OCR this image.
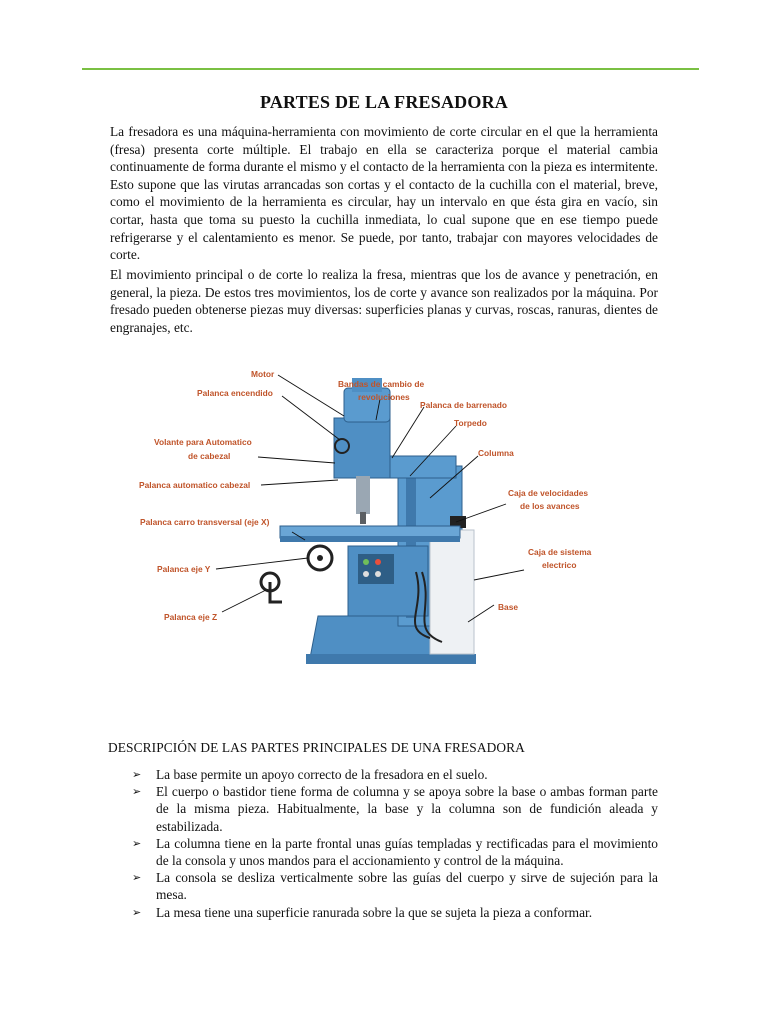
PARTES DE LA FRESADORA

La fresadora es una máquina-herramienta con movimiento de corte circular en el que la herramienta (fresa) presenta corte múltiple. El trabajo en ella se caracteriza porque el material cambia continuamente de forma durante el mismo y el contacto de la herramienta con la pieza es intermitente. Esto supone que las virutas arrancadas son cortas y el contacto de la cuchilla con el material, breve, como el movimiento de la herramienta es circular, hay un intervalo en que ésta gira en vacío, sin cortar, hasta que toma su puesto la cuchilla inmediata, lo cual supone que en ese tiempo puede refrigerarse y el calentamiento es menor. Se puede, por tanto, trabajar con mayores velocidades de corte.

El movimiento principal o de corte lo realiza la fresa, mientras que los de avance y penetración, en general, la pieza. De estos tres movimientos, los de corte y avance son realizados por la máquina. Por fresado pueden obtenerse piezas muy diversas: superficies planas y curvas, roscas, ranuras, dientes de engranajes, etc.

Motor
Palanca encendido
Bandas de cambio de
revoluciones
Palanca de barrenado
Torpedo
Volante para Automatico
de cabezal	Columna
Palanca automatico cabezal
Caja de velocidades
de los avances
Palanca carro transversal (eje X)
Caja de sistema
electrico
Palanca eje Y
Base
Palanca eje Z
DESCRIPCIÓN DE LAS PARTES PRINCIPALES DE UNA FRESADORA
➢ La base permite un apoyo correcto de la fresadora en el suelo.
➢ El cuerpo o bastidor tiene forma de columna y se apoya sobre la base o ambas forman parte de la misma pieza. Habitualmente, la base y la columna son de fundición aleada y estabilizada.
➢ La columna tiene en la parte frontal unas guías templadas y rectificadas para el movimiento de la consola y unos mandos para el accionamiento y control de la máquina.
➢ La consola se desliza verticalmente sobre las guías del cuerpo y sirve de sujeción para la mesa.
➢ La mesa tiene una superficie ranurada sobre la que se sujeta la pieza a conformar.
